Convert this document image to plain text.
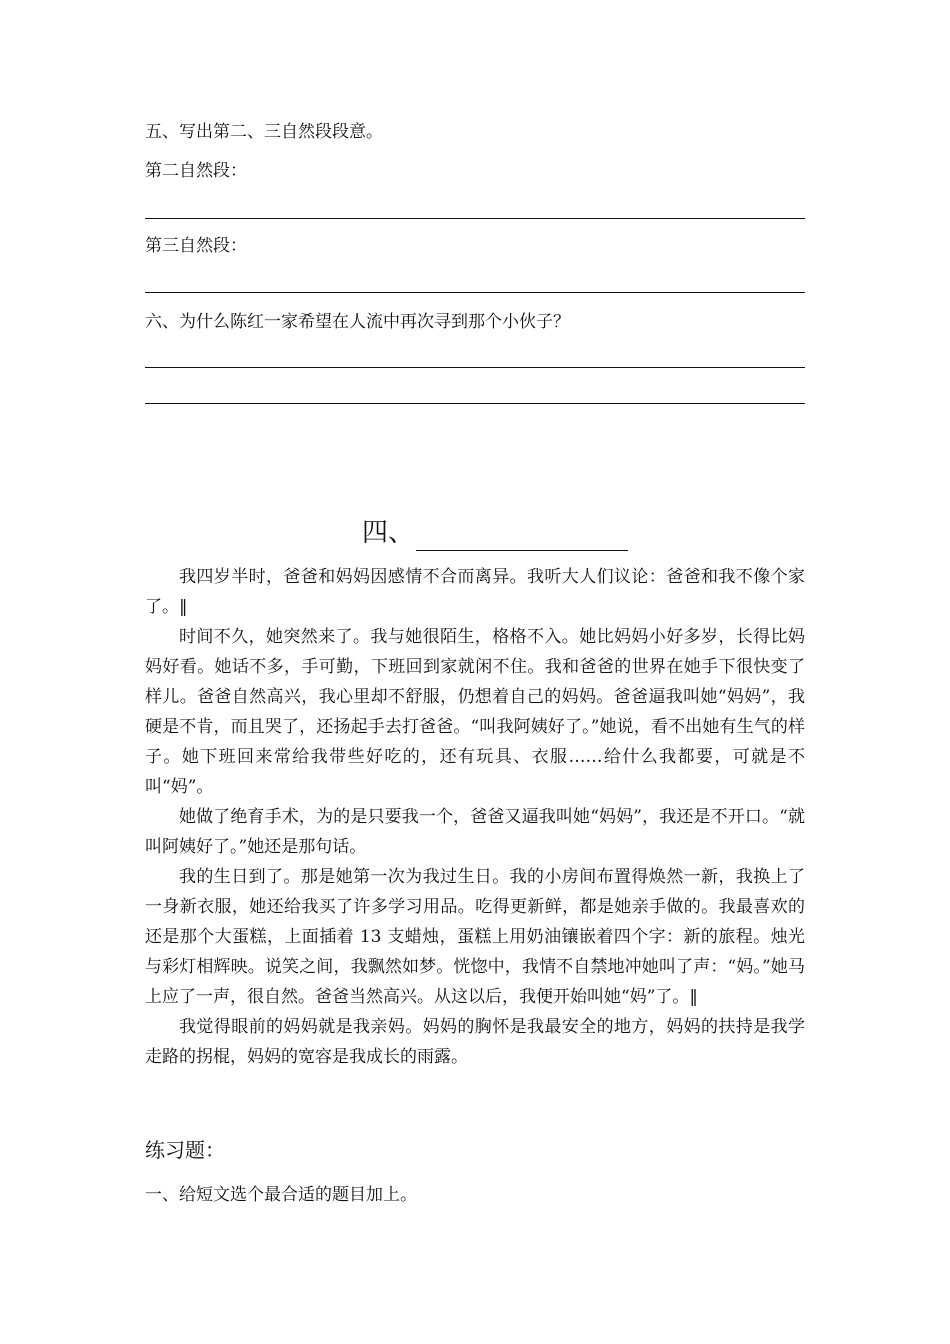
五、写出第二、三自然段段意。
第二自然段：
第三自然段：
六、为什么陈红一家希望在人流中再次寻到那个小伙子？
四、

我四岁半时，爸爸和妈妈因感情不合而离异。我听大人们议论：爸爸和我不像个家了。‖

时间不久，她突然来了。我与她很陌生，格格不入。她比妈妈小好多岁，长得比妈妈好看。她话不多，手可勤，下班回到家就闲不住。我和爸爸的世界在她手下很快变了样儿。爸爸自然高兴，我心里却不舒服，仍想着自己的妈妈。爸爸逼我叫她“妈妈”，我硬是不肯，而且哭了，还扬起手去打爸爸。“叫我阿姨好了。”她说，看不出她有生气的样子。她下班回来常给我带些好吃的，还有玩具、衣服……给什么我都要，可就是不叫“妈”。

她做了绝育手术，为的是只要我一个，爸爸又逼我叫她“妈妈”，我还是不开口。“就叫阿姨好了。”她还是那句话。

我的生日到了。那是她第一次为我过生日。我的小房间布置得焕然一新，我换上了一身新衣服，她还给我买了许多学习用品。吃得更新鲜，都是她亲手做的。我最喜欢的还是那个大蛋糕，上面插着 13 支蜡烛，蛋糕上用奶油镶嵌着四个字：新的旅程。烛光与彩灯相辉映。说笑之间，我飘然如梦。恍惚中，我情不自禁地冲她叫了声：“妈。”她马上应了一声，很自然。爸爸当然高兴。从这以后，我便开始叫她“妈”了。‖

我觉得眼前的妈妈就是我亲妈。妈妈的胸怀是我最安全的地方，妈妈的扶持是我学走路的拐棍，妈妈的宽容是我成长的雨露。

练习题：
一、给短文选个最合适的题目加上。
